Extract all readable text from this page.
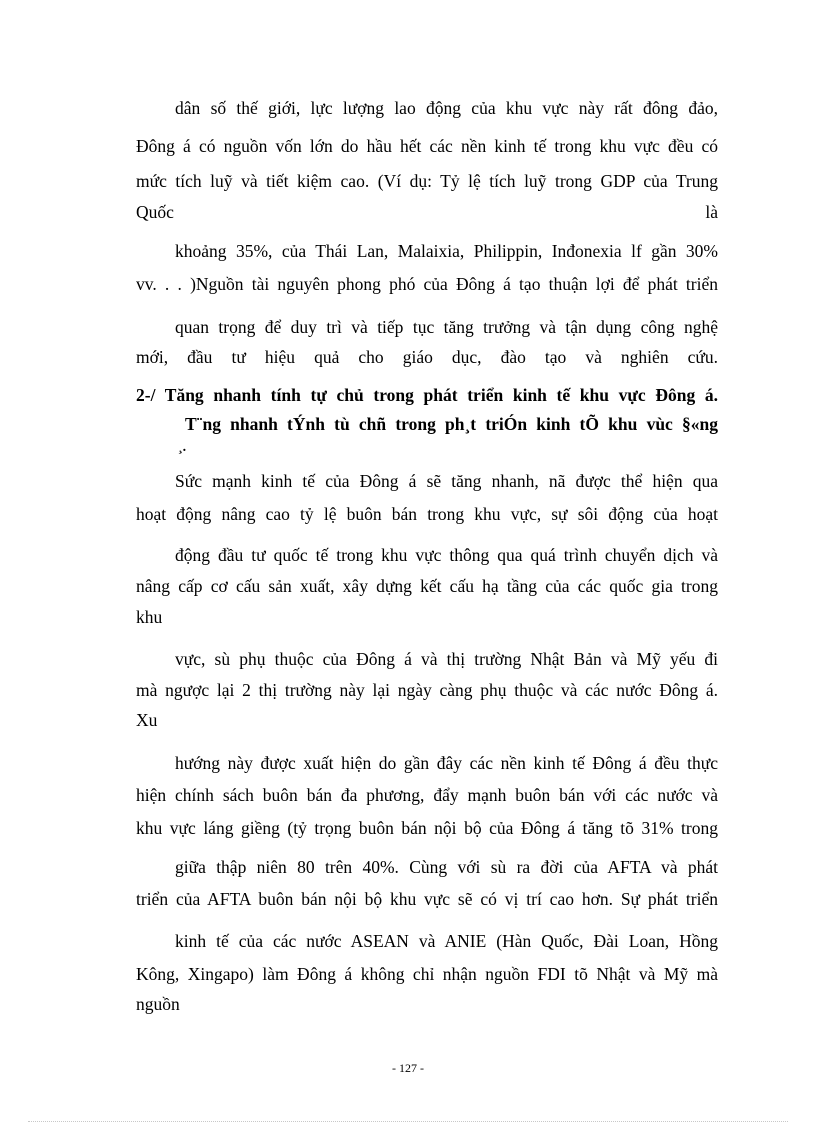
dân số thế giới, lực lượng lao động của khu vực này rất đông đảo,
Đông á có nguồn vốn lớn do hầu hết các nền kinh tế trong khu vực đều có
mức tích luỹ và tiết kiệm cao. (Ví dụ: Tỷ lệ tích luỹ trong GDP của Trung
Quốc	là
khoảng 35%, của Thái Lan, Malaixia, Philippin, Inđonexia lf gần 30%
vv. . . )Nguồn tài nguyên phong phó của Đông á tạo thuận lợi để phát triển
quan trọng để duy trì và tiếp tục tăng trưởng và tận dụng công nghệ
mới, đầu tư hiệu quả cho giáo dục, đào tạo và nghiên cứu.
2-/ Tăng nhanh tính tự chủ trong phát triển kinh tế khu vực Đông á.
T¨ng nhanh tÝnh tù chñ trong ph¸t triÓn kinh tÕ khu vùc §«ng
¸.
Sức mạnh kinh tế của Đông á sẽ tăng nhanh, nã được thể hiện qua
hoạt động nâng cao tỷ lệ buôn bán trong khu vực, sự sôi động của hoạt
động đầu tư quốc tế trong khu vực thông qua quá trình chuyển dịch và
nâng cấp cơ cấu sản xuất, xây dựng kết cấu hạ tầng của các quốc gia trong
khu
vực, sù phụ thuộc của Đông á và thị trường Nhật Bản và Mỹ yếu đi
mà ngược lại 2 thị trường này lại ngày càng phụ thuộc và các nước Đông á.
Xu
hướng này được xuất hiện do gần đây các nền kinh tế Đông á đều thực
hiện chính sách buôn bán đa phương, đẩy mạnh buôn bán với các nước và
khu vực láng giềng (tỷ trọng buôn bán nội bộ của Đông á tăng tõ 31% trong
giữa thập niên 80 trên 40%. Cùng với sù ra đời của AFTA và phát
triển của AFTA buôn bán nội bộ khu vực sẽ có vị trí cao hơn. Sự phát triển
kinh tế của các nước ASEAN và ANIE (Hàn Quốc, Đài Loan, Hồng
Kông, Xingapo) làm Đông á không chỉ nhận nguồn FDI tõ Nhật và Mỹ mà
nguồn
- 127 -
